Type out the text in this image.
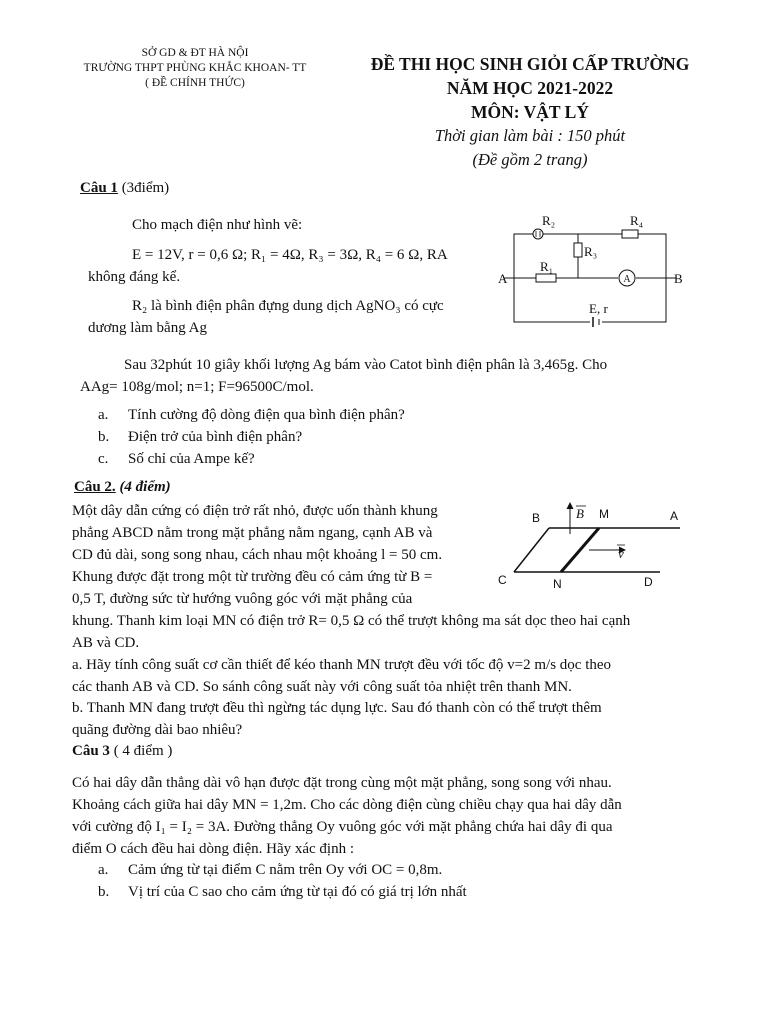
SỞ GD & ĐT HÀ NỘI
TRƯỜNG THPT PHÙNG KHẮC KHOAN- TT
( ĐỀ CHÍNH THỨC)
ĐỀ THI HỌC SINH GIỎI CẤP TRƯỜNG
NĂM HỌC 2021-2022
MÔN: VẬT LÝ
Thời gian làm bài : 150 phút
(Đề gồm 2 trang)
Câu 1 (3điểm)
Cho mạch điện như hình vẽ:
E = 12V, r = 0,6 Ω; R₁ = 4Ω, R₃ = 3Ω, R₄ = 6 Ω, RA
không đáng kể.
R₂ là bình điện phân đựng dung dịch AgNO₃ có cực
dương làm bằng Ag
A
R₂	R₄
R₃
R₁
A	B
E, r
Sau 32phút 10 giây khối lượng Ag bám vào Catot bình điện phân là 3,465g. Cho
AAg= 108g/mol; n=1; F=96500C/mol.
a. Tính cường độ dòng điện qua bình điện phân?
b. Điện trở của bình điện phân?
c. Số chỉ của Ampe kế?
Câu 2. (4 điểm)
Một dây dẫn cứng có điện trở rất nhỏ, được uốn thành khung
phẳng ABCD nằm trong mặt phẳng nằm ngang, cạnh AB và
CD đủ dài, song song nhau, cách nhau một khoảng l = 50 cm.
Khung được đặt trong một từ trường đều có cảm ứng từ B =
0,5 T, đường sức từ hướng vuông góc với mặt phẳng của
khung. Thanh kim loại MN có điện trở R= 0,5 Ω có thể trượt không ma sát dọc theo hai cạnh
AB và CD.
B	M	A
C	N	D
B
v
a. Hãy tính công suất cơ cần thiết để kéo thanh MN trượt đều với tốc độ v=2 m/s dọc theo
các thanh AB và CD. So sánh công suất này với công suất tỏa nhiệt trên thanh MN.
b. Thanh MN đang trượt đều thì ngừng tác dụng lực. Sau đó thanh còn có thể trượt thêm
quãng đường dài bao nhiêu?
Câu 3 ( 4 điểm )
Có hai dây dẫn thẳng dài vô hạn được đặt trong cùng một mặt phẳng, song song với nhau.
Khoảng cách giữa hai dây MN = 1,2m. Cho các dòng điện cùng chiều chạy qua hai dây dẫn
với cường độ I₁ = I₂ = 3A. Đường thẳng Oy vuông góc với mặt phẳng chứa hai dây đi qua
điểm O cách đều hai dòng điện. Hãy xác định :
a. Cảm ứng từ tại điểm C nằm trên Oy với OC = 0,8m.
b. Vị trí của C sao cho cảm ứng từ tại đó có giá trị lớn nhất
